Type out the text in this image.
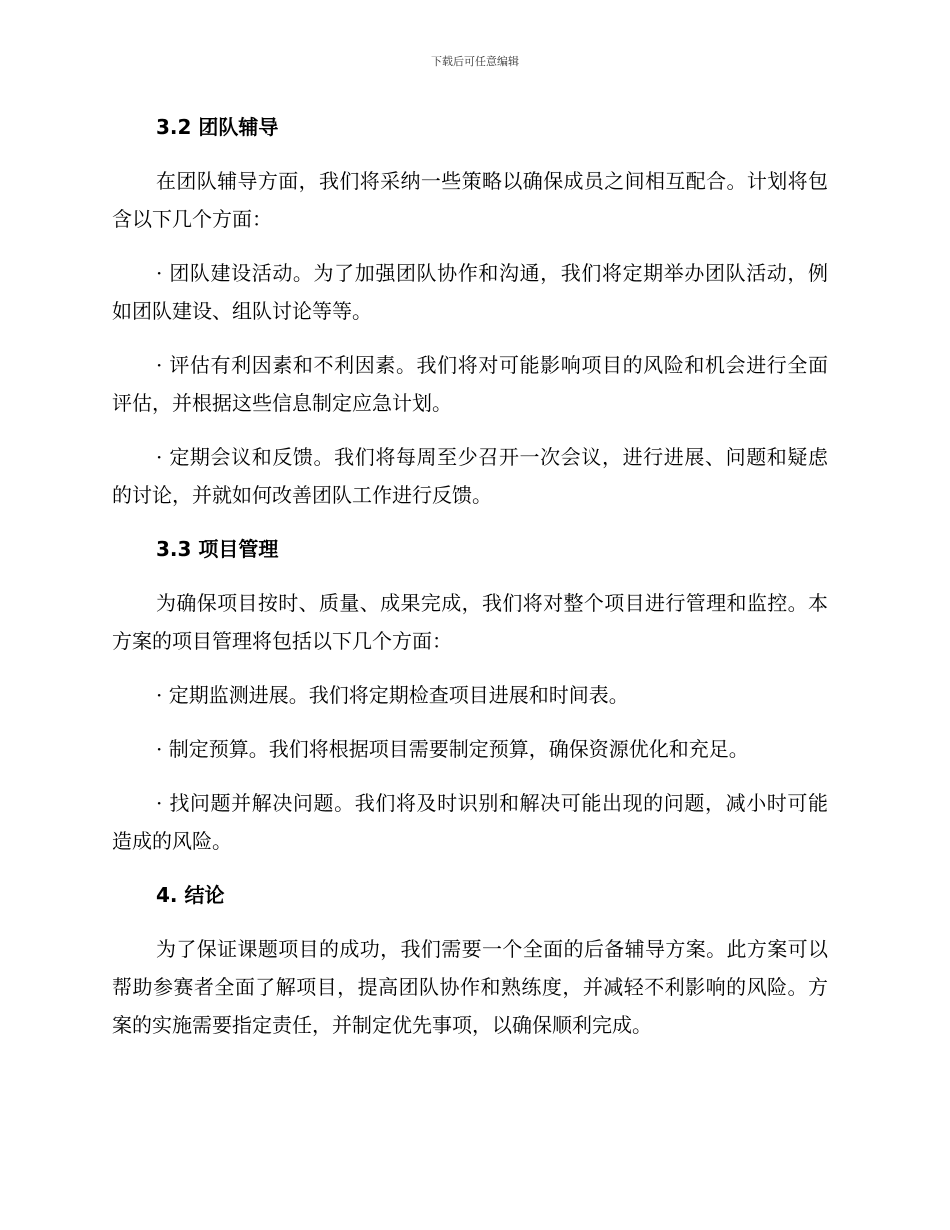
下载后可任意编辑
3.2 团队辅导
在团队辅导方面，我们将采纳一些策略以确保成员之间相互配合。计划将包含以下几个方面：
· 团队建设活动。为了加强团队协作和沟通，我们将定期举办团队活动，例如团队建设、组队讨论等等。
· 评估有利因素和不利因素。我们将对可能影响项目的风险和机会进行全面评估，并根据这些信息制定应急计划。
· 定期会议和反馈。我们将每周至少召开一次会议，进行进展、问题和疑虑的讨论，并就如何改善团队工作进行反馈。
3.3 项目管理
为确保项目按时、质量、成果完成，我们将对整个项目进行管理和监控。本方案的项目管理将包括以下几个方面：
· 定期监测进展。我们将定期检查项目进展和时间表。
· 制定预算。我们将根据项目需要制定预算，确保资源优化和充足。
· 找问题并解决问题。我们将及时识别和解决可能出现的问题，减小时可能造成的风险。
4. 结论
为了保证课题项目的成功，我们需要一个全面的后备辅导方案。此方案可以帮助参赛者全面了解项目，提高团队协作和熟练度，并减轻不利影响的风险。方案的实施需要指定责任，并制定优先事项，以确保顺利完成。
